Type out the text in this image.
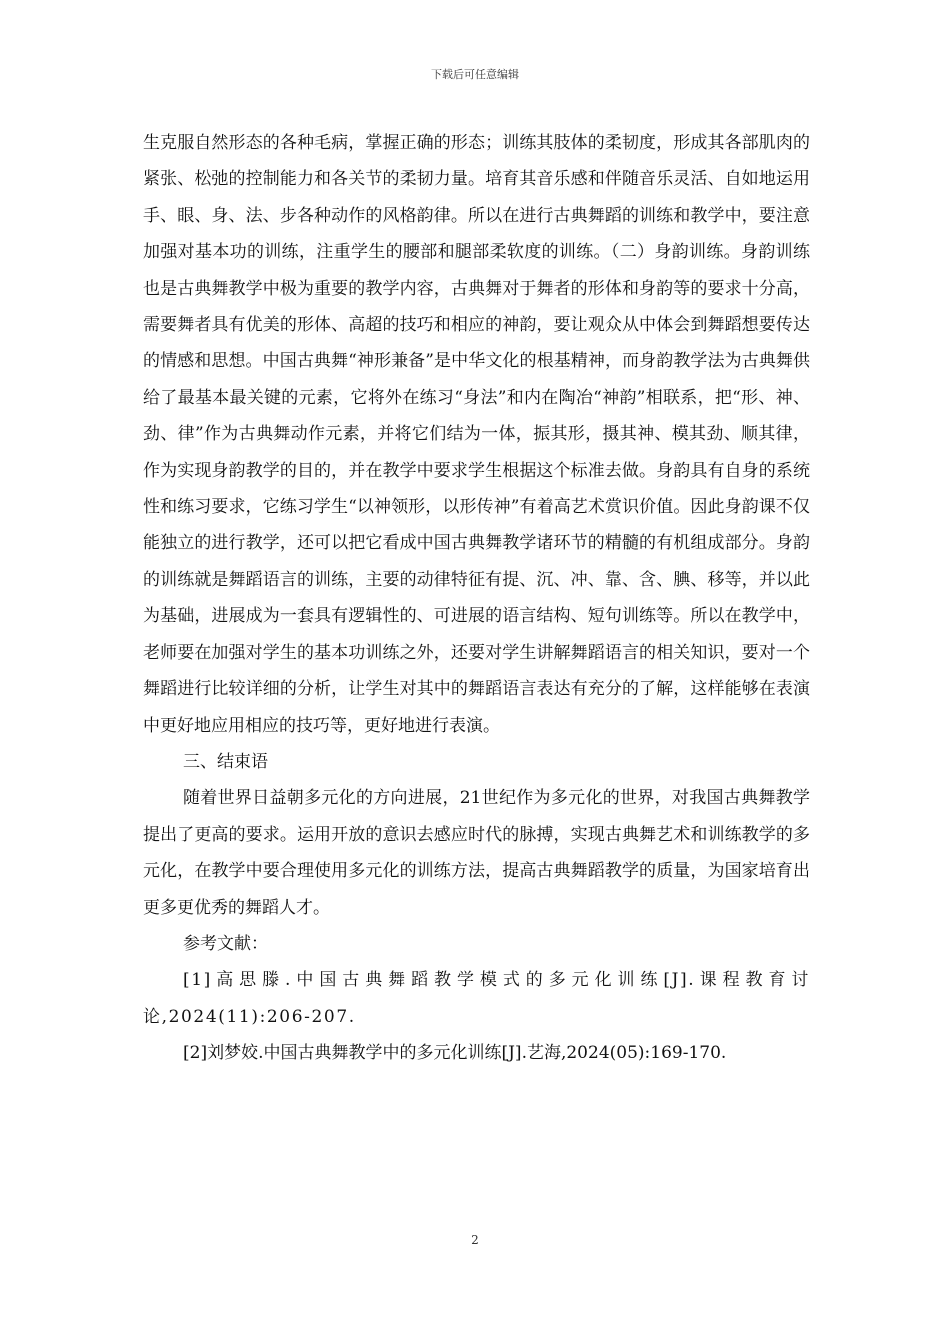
下载后可任意编辑

生克服自然形态的各种毛病，掌握正确的形态；训练其肢体的柔韧度，形成其各部肌肉的紧张、松弛的控制能力和各关节的柔韧力量。培育其音乐感和伴随音乐灵活、自如地运用手、眼、身、法、步各种动作的风格韵律。所以在进行古典舞蹈的训练和教学中，要注意加强对基本功的训练，注重学生的腰部和腿部柔软度的训练。（二）身韵训练。身韵训练也是古典舞教学中极为重要的教学内容，古典舞对于舞者的形体和身韵等的要求十分高，需要舞者具有优美的形体、高超的技巧和相应的神韵，要让观众从中体会到舞蹈想要传达的情感和思想。中国古典舞“神形兼备”是中华文化的根基精神，而身韵教学法为古典舞供给了最基本最关键的元素，它将外在练习“身法”和内在陶冶“神韵”相联系，把“形、神、劲、律”作为古典舞动作元素，并将它们结为一体，振其形，摄其神、模其劲、顺其律，作为实现身韵教学的目的，并在教学中要求学生根据这个标准去做。身韵具有自身的系统性和练习要求，它练习学生“以神领形，以形传神”有着高艺术赏识价值。因此身韵课不仅能独立的进行教学，还可以把它看成中国古典舞教学诸环节的精髓的有机组成部分。身韵的训练就是舞蹈语言的训练，主要的动律特征有提、沉、冲、靠、含、腆、移等，并以此为基础，进展成为一套具有逻辑性的、可进展的语言结构、短句训练等。所以在教学中，老师要在加强对学生的基本功训练之外，还要对学生讲解舞蹈语言的相关知识，要对一个舞蹈进行比较详细的分析，让学生对其中的舞蹈语言表达有充分的了解，这样能够在表演中更好地应用相应的技巧等，更好地进行表演。

三、结束语

随着世界日益朝多元化的方向进展，21世纪作为多元化的世界，对我国古典舞教学提出了更高的要求。运用开放的意识去感应时代的脉搏，实现古典舞艺术和训练教学的多元化，在教学中要合理使用多元化的训练方法，提高古典舞蹈教学的质量，为国家培育出更多更优秀的舞蹈人才。

参考文献：

[1]高思滕.中国古典舞蹈教学模式的多元化训练[J].课程教育讨论,2024(11):206-207.

[2]刘梦姣.中国古典舞教学中的多元化训练[J].艺海,2024(05):169-170.

2
